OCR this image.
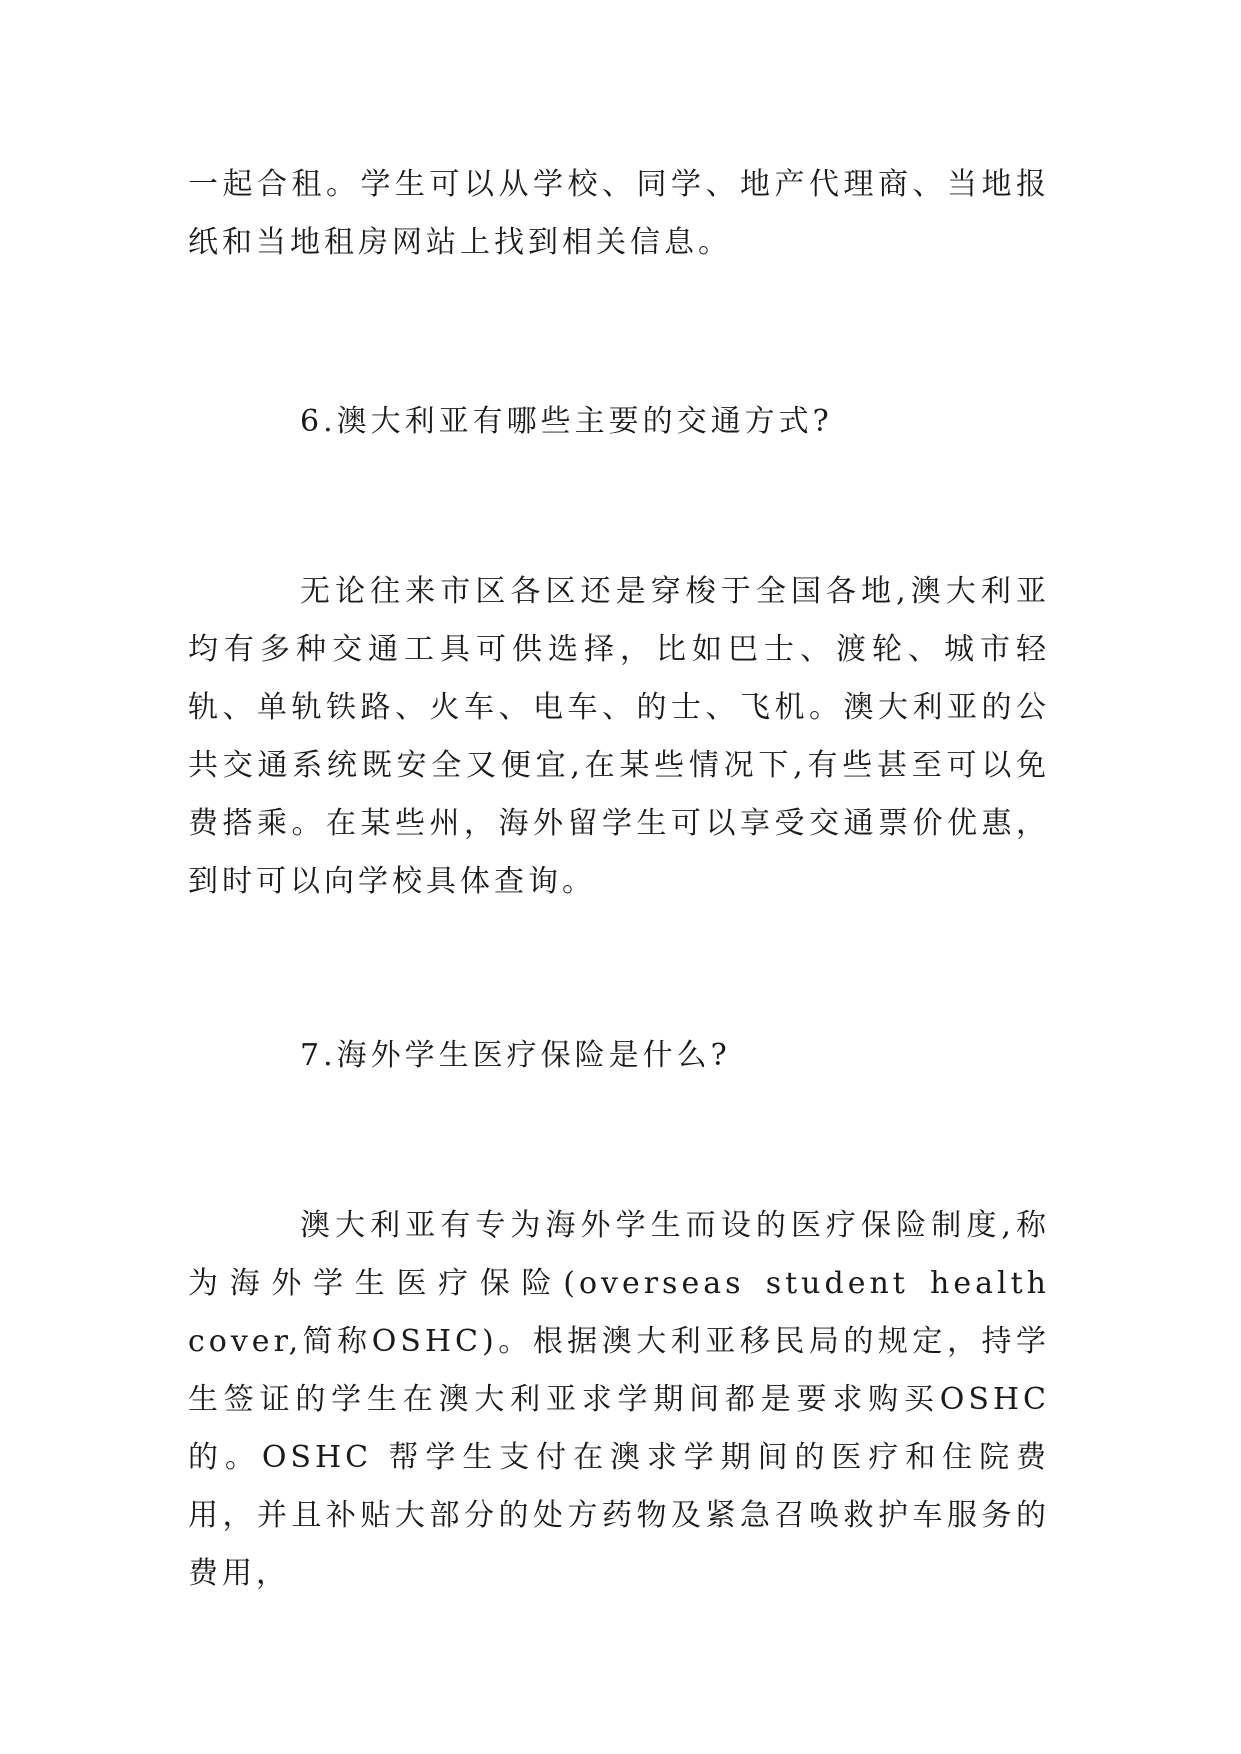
一起合租。学生可以从学校、同学、地产代理商、当地报纸和当地租房网站上找到相关信息。

6.澳大利亚有哪些主要的交通方式?

无论往来市区各区还是穿梭于全国各地,澳大利亚均有多种交通工具可供选择，比如巴士、渡轮、城市轻轨、单轨铁路、火车、电车、的士、飞机。澳大利亚的公 共交通系统既安全又便宜,在某些情况下,有些甚至可以免费搭乘。在某些州，海外留学生可以享受交通票价优惠，到时可以向学校具体查询。

7.海外学生医疗保险是什么?

澳大利亚有专为海外学生而设的医疗保险制度,称为海外学生医疗保险(overseas student health cover,简称OSHC)。根据澳大利亚移民局的规定，持学生签证的学生在澳大利亚求学期间都是要求购买OSHC的。OSHC 帮学生支付在澳求学期间的医疗和住院费用，并且补贴大部分的处方药物及紧急召唤救护车服务的费用，
